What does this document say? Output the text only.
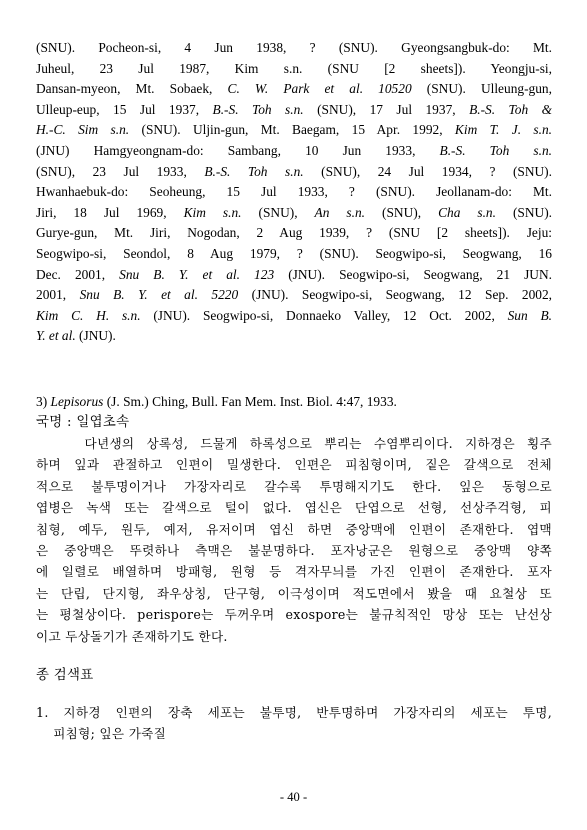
(SNU). Pocheon-si, 4 Jun 1938, ? (SNU). Gyeongsangbuk-do: Mt.
Juheul, 23 Jul 1987, Kim s.n. (SNU [2 sheets]). Yeongju-si,
Dansan-myeon, Mt. Sobaek, C. W. Park et al. 10520 (SNU). Ulleung-gun,
Ulleup-eup, 15 Jul 1937, B.-S. Toh s.n. (SNU), 17 Jul 1937, B.-S. Toh &
H.-C. Sim s.n. (SNU). Uljin-gun, Mt. Baegam, 15 Apr. 1992, Kim T. J. s.n.
(JNU) Hamgyeongnam-do: Sambang, 10 Jun 1933, B.-S. Toh s.n.
(SNU), 23 Jul 1933, B.-S. Toh s.n. (SNU), 24 Jul 1934, ? (SNU).
Hwanhaebuk-do: Seoheung, 15 Jul 1933, ? (SNU). Jeollanam-do: Mt.
Jiri, 18 Jul 1969, Kim s.n. (SNU), An s.n. (SNU), Cha s.n. (SNU).
Gurye-gun, Mt. Jiri, Nogodan, 2 Aug 1939, ? (SNU [2 sheets]). Jeju:
Seogwipo-si, Seondol, 8 Aug 1979, ? (SNU). Seogwipo-si, Seogwang, 16
Dec. 2001, Snu B. Y. et al. 123 (JNU). Seogwipo-si, Seogwang, 21 JUN.
2001, Snu B. Y. et al. 5220 (JNU). Seogwipo-si, Seogwang, 12 Sep. 2002,
Kim C. H. s.n. (JNU). Seogwipo-si, Donnaeko Valley, 12 Oct. 2002, Sun B.
Y. et al. (JNU).
3) Lepisorus (J. Sm.) Ching, Bull. Fan Mem. Inst. Biol. 4:47, 1933.
국명 : 일엽초속
다년생의 상록성, 드물게 하록성으로 뿌리는 수염뿌리이다. 지하경은 횡주
하며 잎과 관절하고 인편이 밀생한다. 인편은 피침형이며, 짙은 갈색으로 전체
적으로 불투명이거나 가장자리로 갈수록 투명해지기도 한다. 잎은 동형으로
엽병은 녹색 또는 갈색으로 털이 없다. 엽신은 단엽으로 선형, 선상주걱형, 피
침형, 예두, 원두, 예저, 유저이며 엽신 하면 중앙맥에 인편이 존재한다. 엽맥
은 중앙맥은 뚜렷하나 측맥은 불분명하다. 포자낭군은 원형으로 중앙맥 양쪽
에 일렬로 배열하며 방패형, 원형 등 격자무늬를 가진 인편이 존재한다. 포자
는 단립, 단지형, 좌우상칭, 단구형, 이극성이며 적도면에서 봤을 때 요철상 또
는 평철상이다. perispore는 두꺼우며 exospore는 불규칙적인 망상 또는 난선상
이고 두상돌기가 존재하기도 한다.
종 검색표
1. 지하경 인편의 장축 세포는 불투명, 반투명하며 가장자리의 세포는 투명,
피침형; 잎은 가죽질
- 40 -
